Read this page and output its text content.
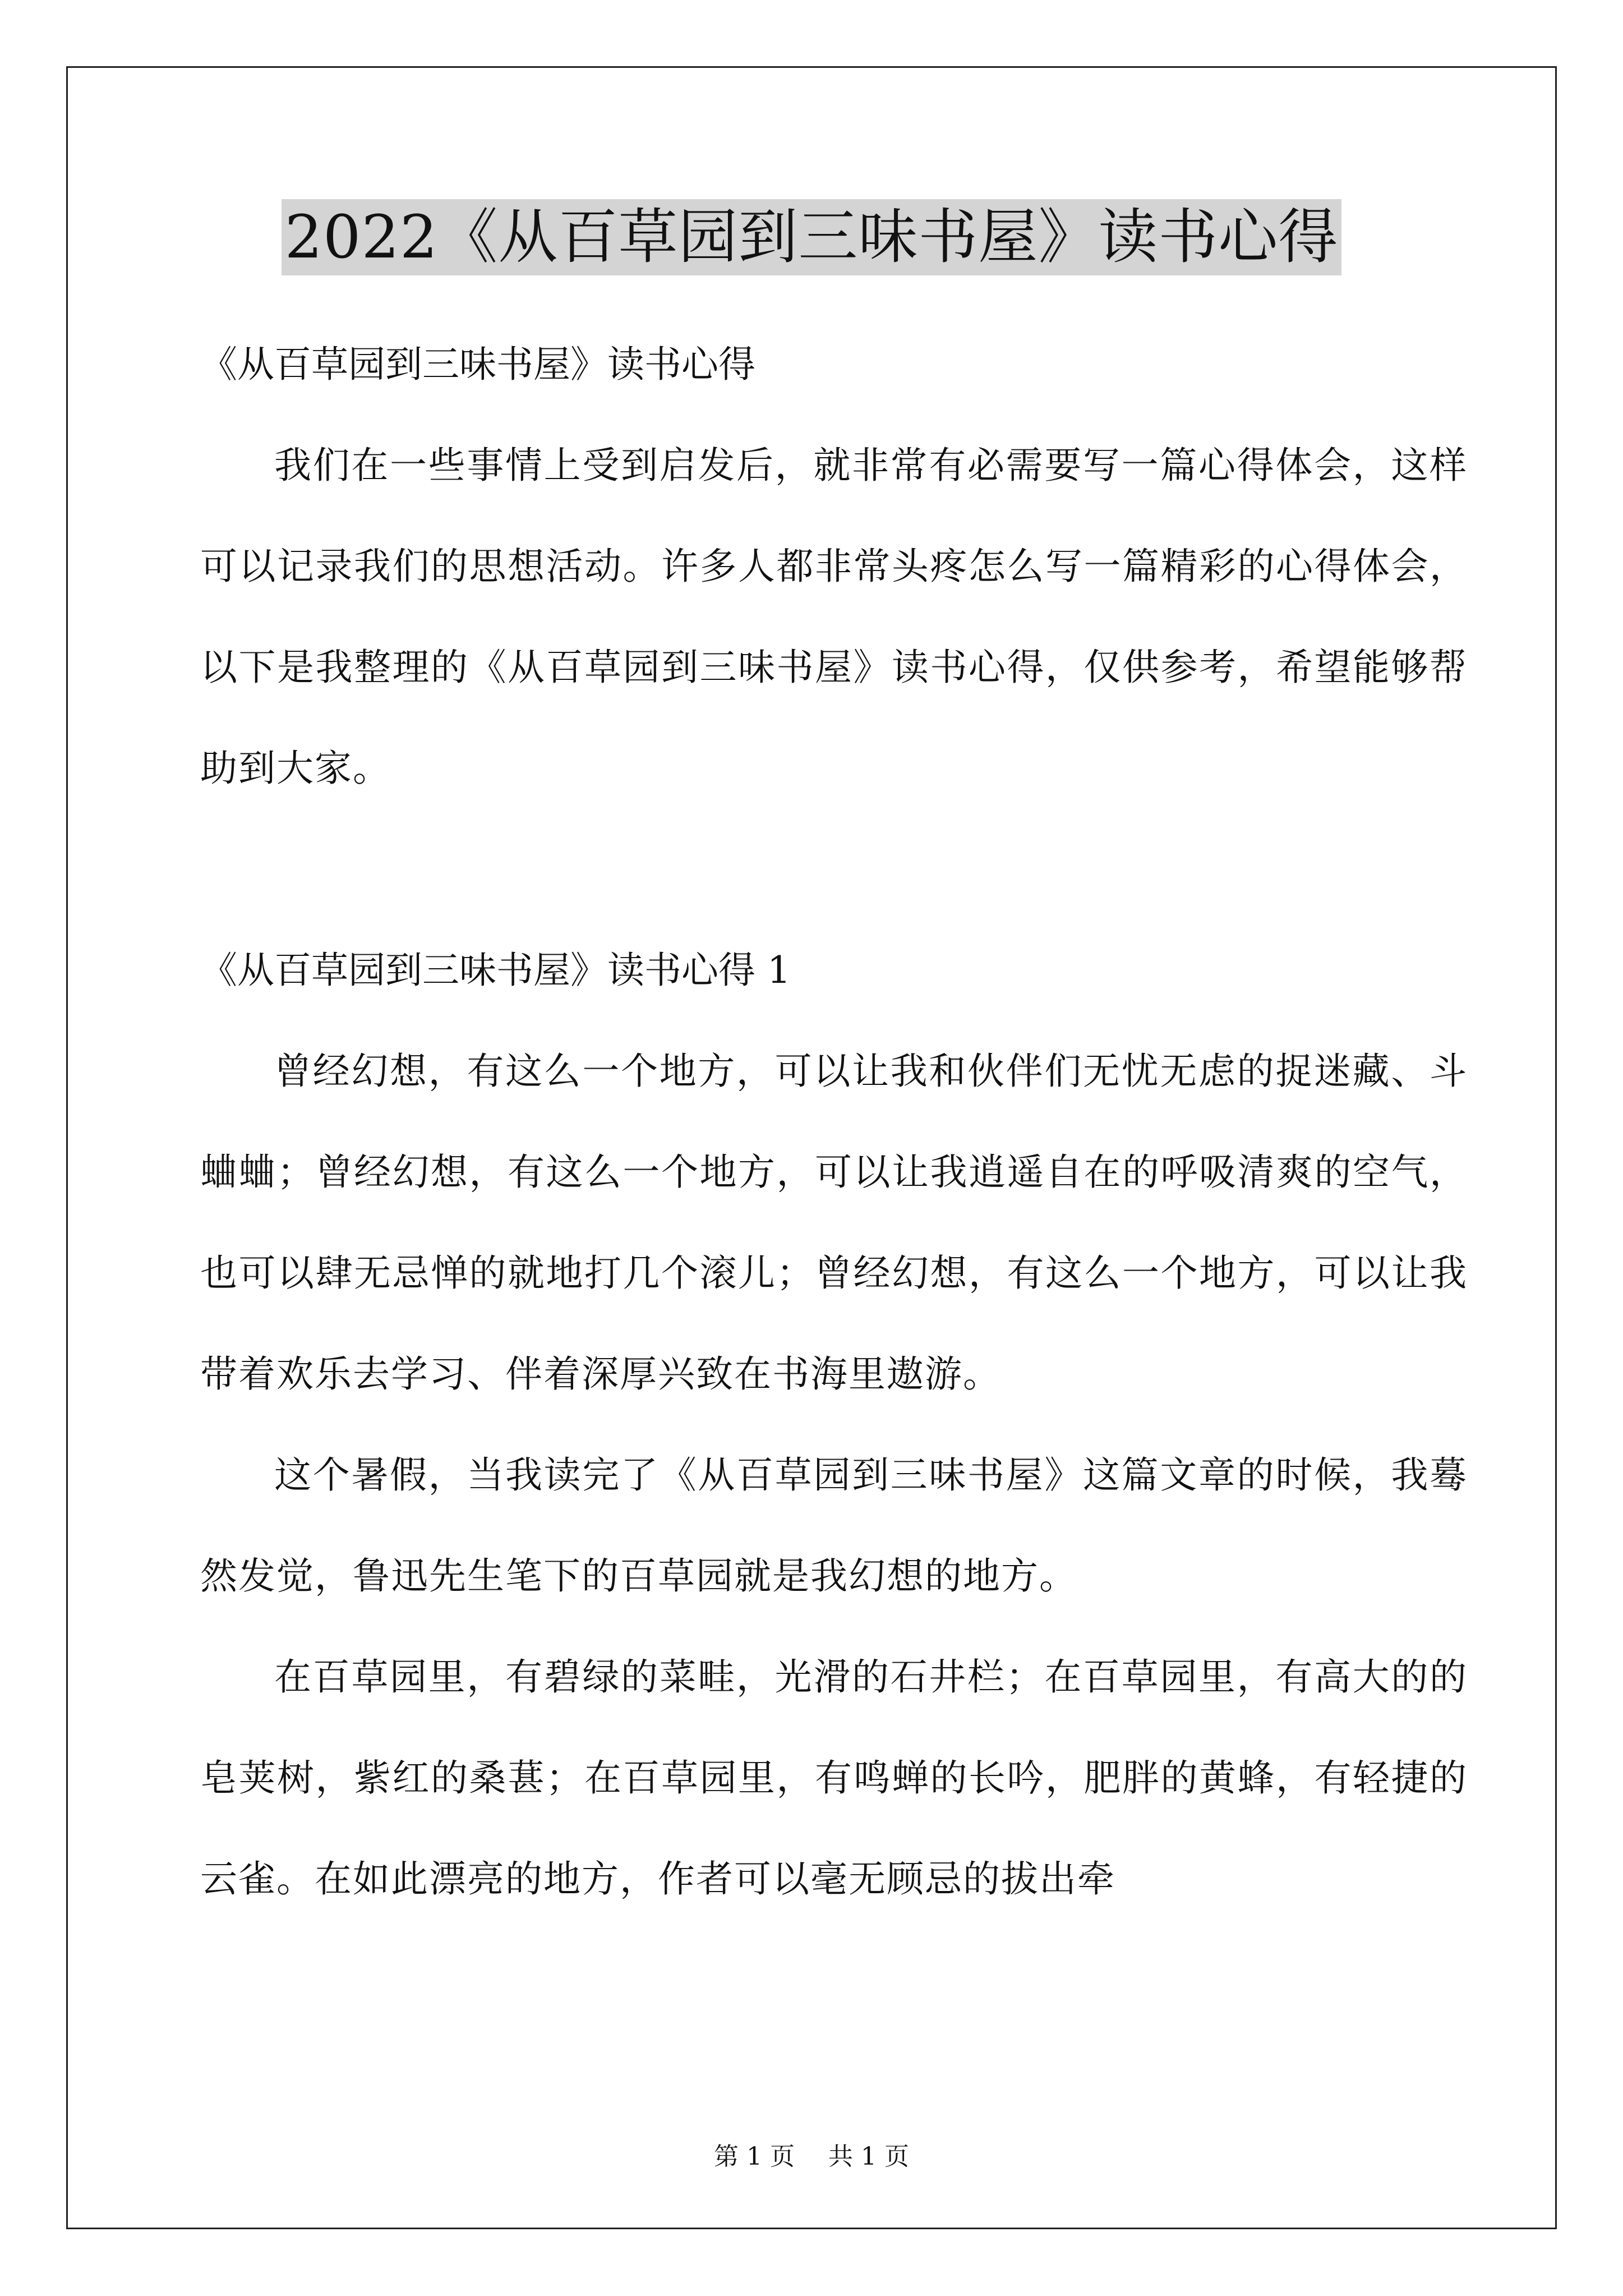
2022《从百草园到三味书屋》读书心得

《从百草园到三味书屋》读书心得

我们在一些事情上受到启发后，就非常有必需要写一篇心得体会，这样可以记录我们的思想活动。许多人都非常头疼怎么写一篇精彩的心得体会，以下是我整理的《从百草园到三味书屋》读书心得，仅供参考，希望能够帮助到大家。

《从百草园到三味书屋》读书心得 1

曾经幻想，有这么一个地方，可以让我和伙伴们无忧无虑的捉迷藏、斗蛐蛐；曾经幻想，有这么一个地方，可以让我逍遥自在的呼吸清爽的空气，也可以肆无忌惮的就地打几个滚儿；曾经幻想，有这么一个地方，可以让我带着欢乐去学习、伴着深厚兴致在书海里遨游。

这个暑假，当我读完了《从百草园到三味书屋》这篇文章的时候，我蓦然发觉，鲁迅先生笔下的百草园就是我幻想的地方。

在百草园里，有碧绿的菜畦，光滑的石井栏；在百草园里，有高大的的皂荚树，紫红的桑葚；在百草园里，有鸣蝉的长吟，肥胖的黄蜂，有轻捷的云雀。在如此漂亮的地方，作者可以毫无顾忌的拔出牵

第 1 页 共 1 页
